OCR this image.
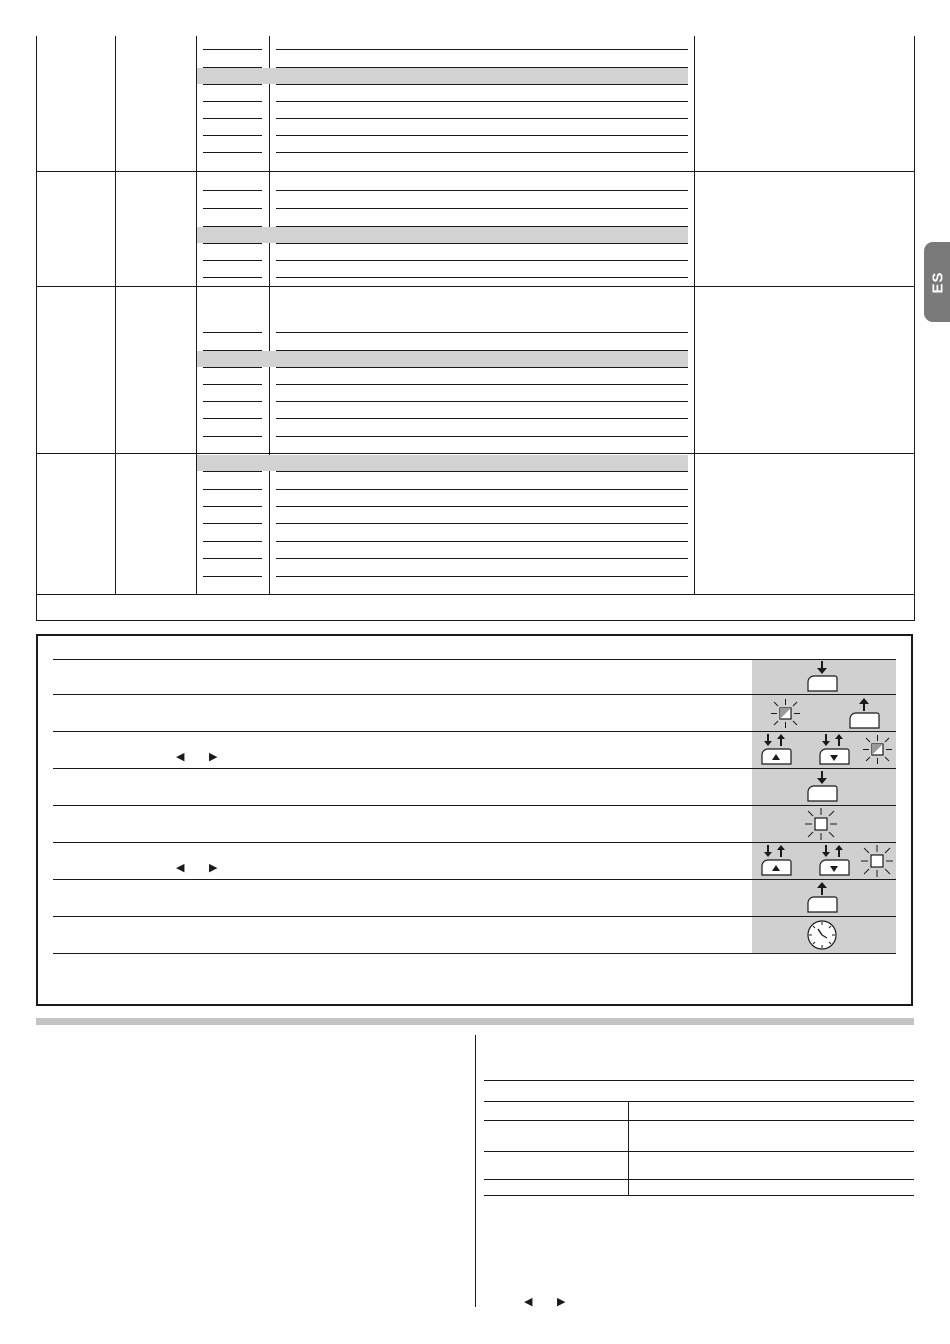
ES
◀ ▶
◀ ▶
◀ ▶
